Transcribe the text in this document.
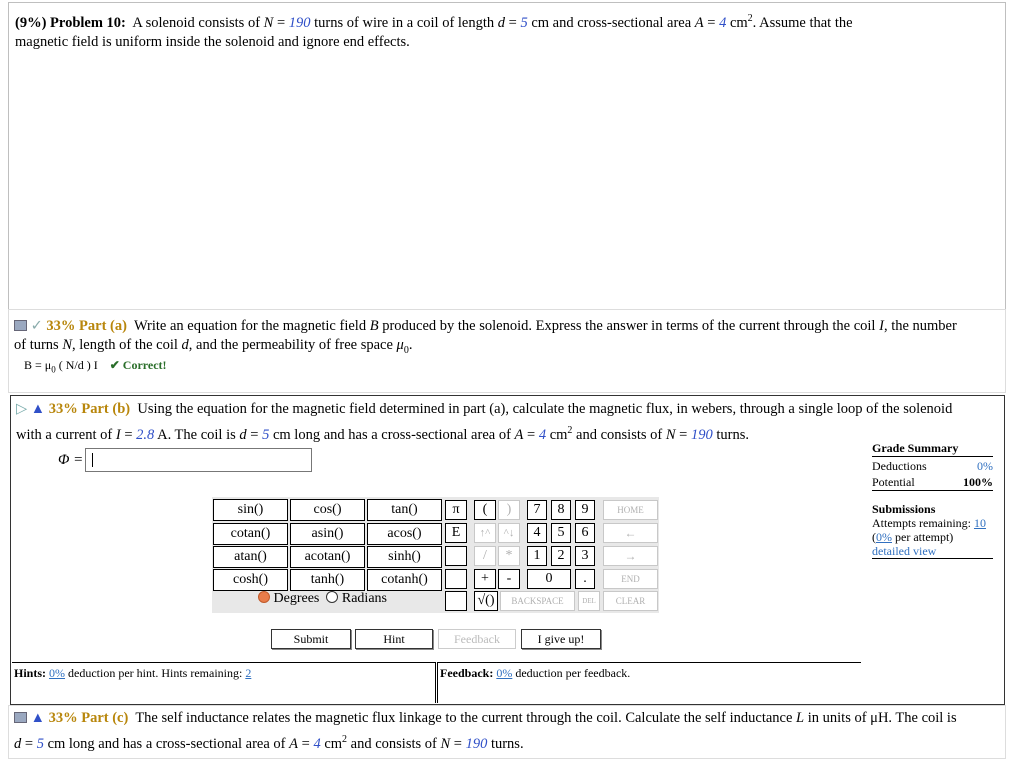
(9%) Problem 10: A solenoid consists of N = 190 turns of wire in a coil of length d = 5 cm and cross-sectional area A = 4 $cm^2$. Assume that the
magnetic field is uniform inside the solenoid and ignore end effects.
✓ 33% Part (a) Write an equation for the magnetic field B produced by the solenoid. Express the answer in terms of the current through the coil I, the number
of turns N, length of the coil d, and the permeability of free space $\mu_0$.
$B = \mu_0$ ( N/d ) I ✔ Correct!
▷ ▲ 33% Part (b) Using the equation for the magnetic field determined in part (a), calculate the magnetic flux, in webers, through a single loop of the solenoid
with a current of I = 2.8 A. The coil is d = 5 cm long and has a cross-sectional area of A = 4 $cm^2$ and consists of N = 190 turns.
Φ =
Grade Summary
Deductions	0%
Potential	100%
Submissions
Attempts remaining: 10
(0% per attempt)
detailed view
sin()	cos()	tan()
cotan()	asin()	acos()
atan()	acotan()	sinh()
cosh()	tanh()	cotanh()
Degrees Radians
π	(	)
E	↑^	^↓
/	*
+	-
√()
7	8	9
4	5	6
1	2	3
0	.
HOME
←
→
END
BACKSPACE	DEL	CLEAR
Submit	Hint	Feedback	I give up!
Hints: 0% deduction per hint. Hints remaining: 2	Feedback: 0% deduction per feedback.
▲ 33% Part (c) The self inductance relates the magnetic flux linkage to the current through the coil. Calculate the self inductance L in units of μH. The coil is
d = 5 cm long and has a cross-sectional area of A = 4 $cm^2$ and consists of N = 190 turns.
